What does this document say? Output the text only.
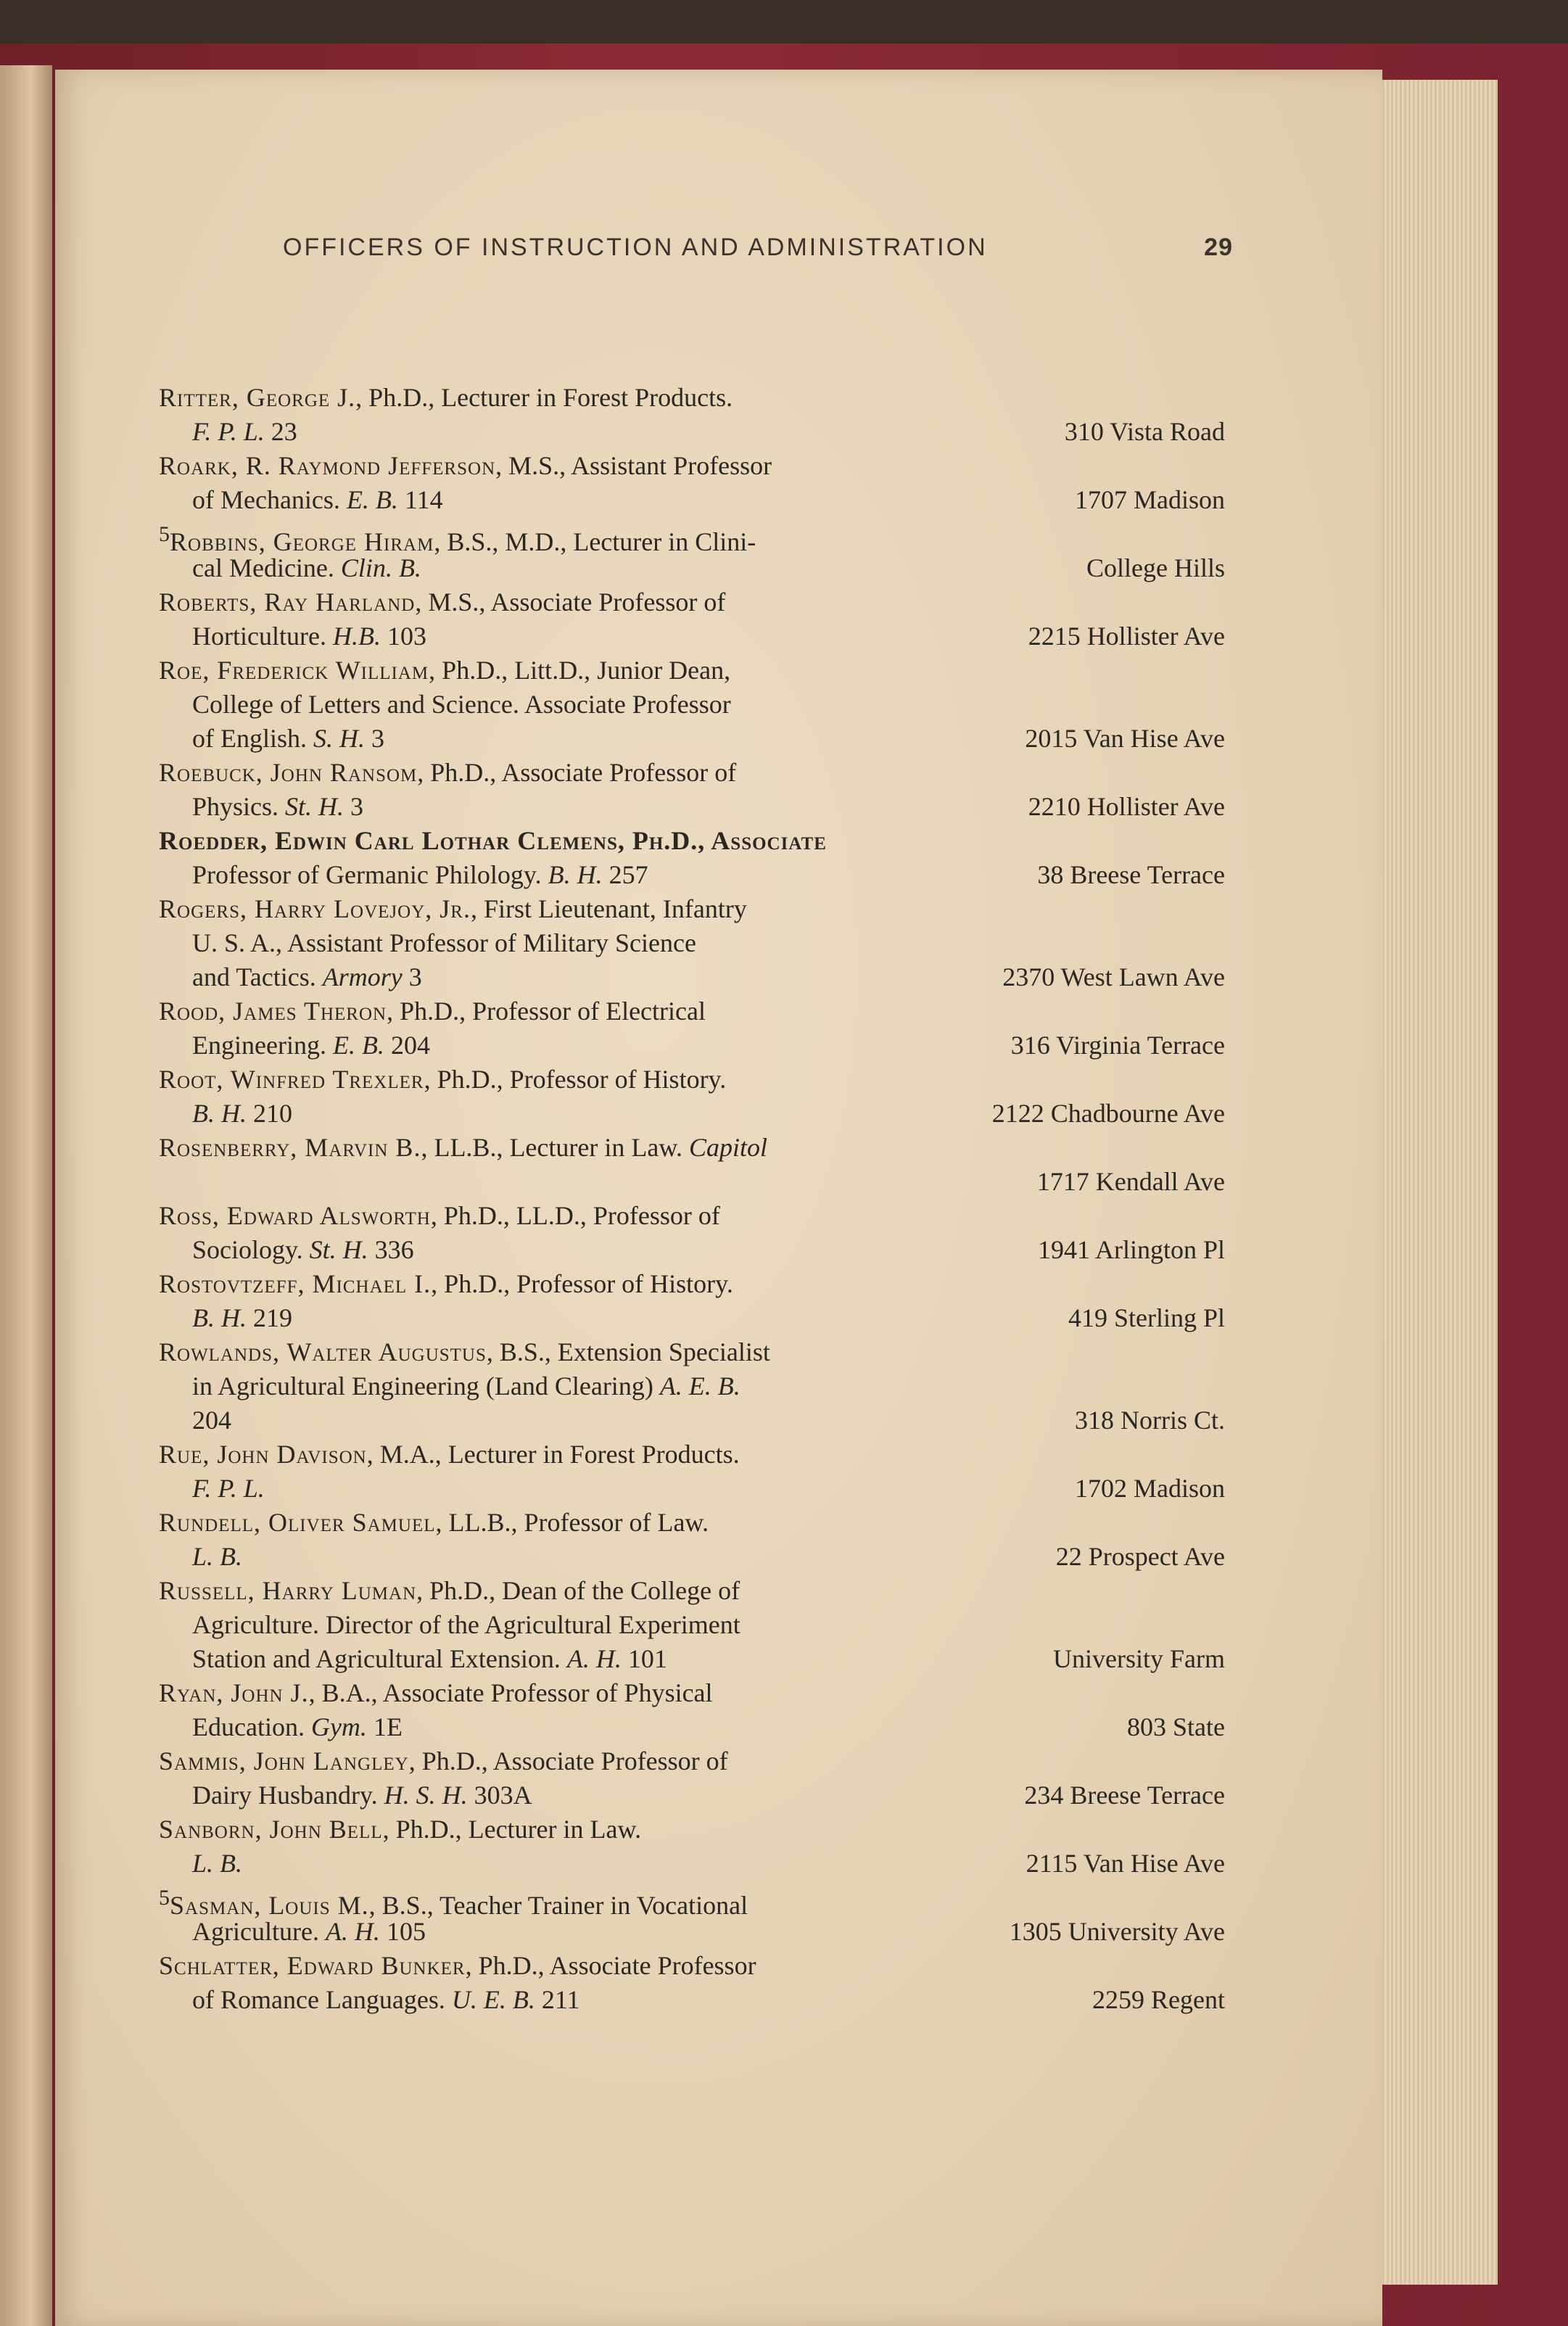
OFFICERS OF INSTRUCTION AND ADMINISTRATION	29
Ritter, George J., Ph.D., Lecturer in Forest Products.
F. P. L. 23	310 Vista Road
Roark, R. Raymond Jefferson, M.S., Assistant Professor
of Mechanics. E. B. 114	1707 Madison
$^5$Robbins, George Hiram, B.S., M.D., Lecturer in Clini-
cal Medicine. Clin. B.	College Hills
Roberts, Ray Harland, M.S., Associate Professor of
Horticulture. H.B. 103	2215 Hollister Ave
Roe, Frederick William, Ph.D., Litt.D., Junior Dean,
College of Letters and Science. Associate Professor
of English. S. H. 3	2015 Van Hise Ave
Roebuck, John Ransom, Ph.D., Associate Professor of
Physics. St. H. 3	2210 Hollister Ave
Roedder, Edwin Carl Lothar Clemens, Ph.D., Associate
Professor of Germanic Philology. B. H. 257	38 Breese Terrace
Rogers, Harry Lovejoy, Jr., First Lieutenant, Infantry
U. S. A., Assistant Professor of Military Science
and Tactics. Armory 3	2370 West Lawn Ave
Rood, James Theron, Ph.D., Professor of Electrical
Engineering. E. B. 204	316 Virginia Terrace
Root, Winfred Trexler, Ph.D., Professor of History.
B. H. 210	2122 Chadbourne Ave
Rosenberry, Marvin B., LL.B., Lecturer in Law. Capitol
1717 Kendall Ave
Ross, Edward Alsworth, Ph.D., LL.D., Professor of
Sociology. St. H. 336	1941 Arlington Pl
Rostovtzeff, Michael I., Ph.D., Professor of History.
B. H. 219	419 Sterling Pl
Rowlands, Walter Augustus, B.S., Extension Specialist
in Agricultural Engineering (Land Clearing) A. E. B.
204	318 Norris Ct.
Rue, John Davison, M.A., Lecturer in Forest Products.
F. P. L.	1702 Madison
Rundell, Oliver Samuel, LL.B., Professor of Law.
L. B.	22 Prospect Ave
Russell, Harry Luman, Ph.D., Dean of the College of
Agriculture. Director of the Agricultural Experiment
Station and Agricultural Extension. A. H. 101	University Farm
Ryan, John J., B.A., Associate Professor of Physical
Education. Gym. 1E	803 State
Sammis, John Langley, Ph.D., Associate Professor of
Dairy Husbandry. H. S. H. 303A	234 Breese Terrace
Sanborn, John Bell, Ph.D., Lecturer in Law.
L. B.	2115 Van Hise Ave
$^5$Sasman, Louis M., B.S., Teacher Trainer in Vocational
Agriculture. A. H. 105	1305 University Ave
Schlatter, Edward Bunker, Ph.D., Associate Professor
of Romance Languages. U. E. B. 211	2259 Regent
